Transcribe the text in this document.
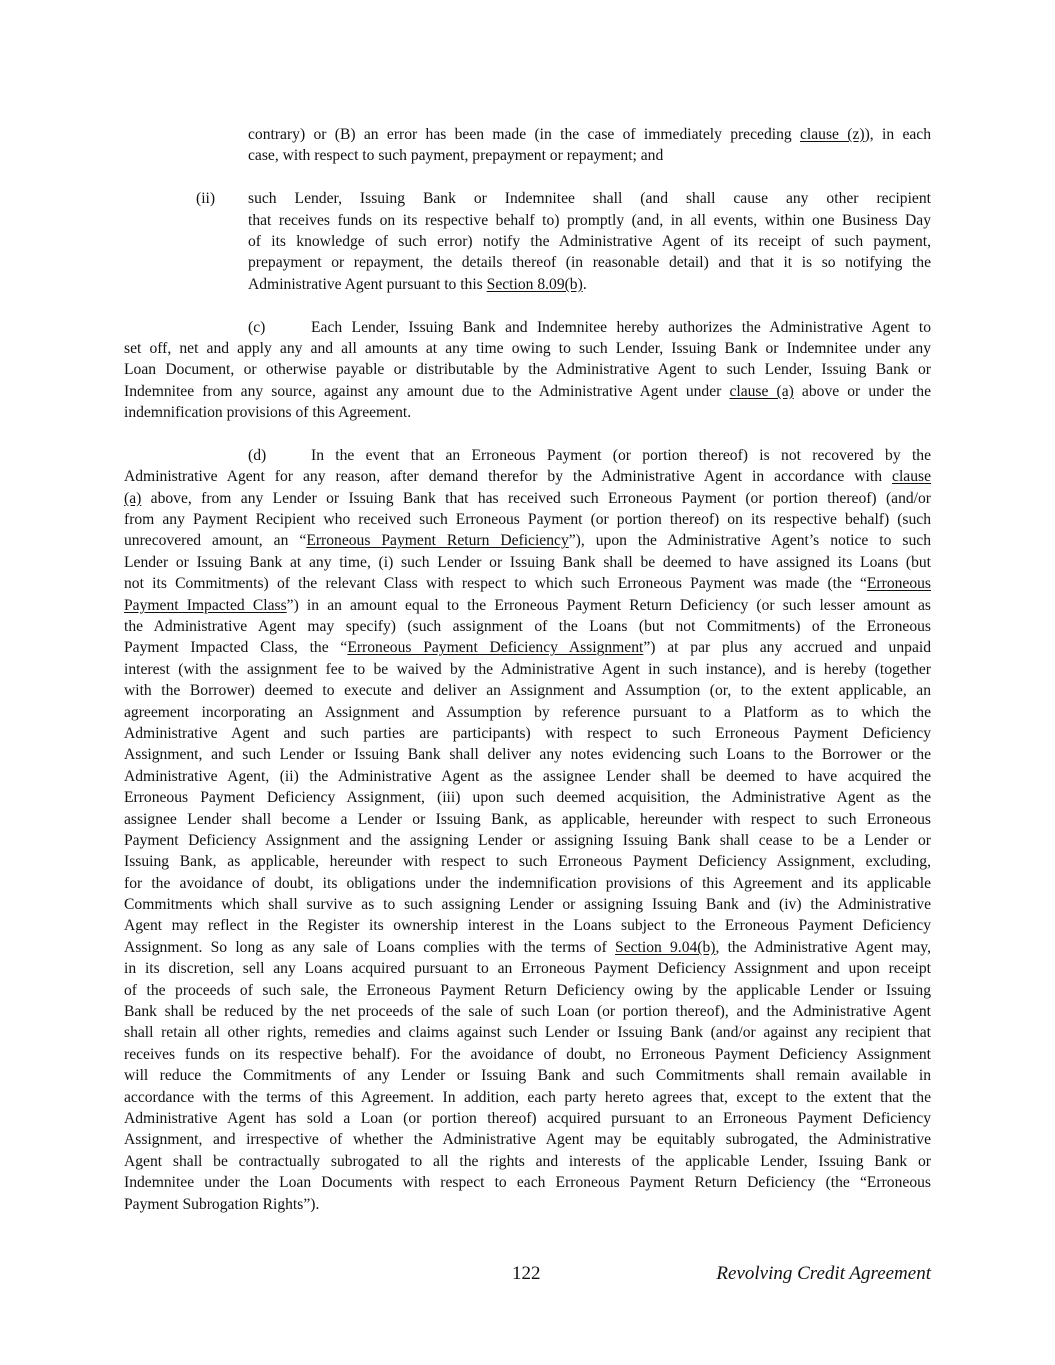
contrary) or (B) an error has been made (in the case of immediately preceding clause (z)), in each
case, with respect to such payment, prepayment or repayment; and
(ii) such Lender, Issuing Bank or Indemnitee shall (and shall cause any other recipient
that receives funds on its respective behalf to) promptly (and, in all events, within one Business Day
of its knowledge of such error) notify the Administrative Agent of its receipt of such payment,
prepayment or repayment, the details thereof (in reasonable detail) and that it is so notifying the
Administrative Agent pursuant to this Section 8.09(b).
(c)	Each Lender, Issuing Bank and Indemnitee hereby authorizes the Administrative Agent to
set off, net and apply any and all amounts at any time owing to such Lender, Issuing Bank or Indemnitee under any
Loan Document, or otherwise payable or distributable by the Administrative Agent to such Lender, Issuing Bank or
Indemnitee from any source, against any amount due to the Administrative Agent under clause (a) above or under the
indemnification provisions of this Agreement.
(d)	In the event that an Erroneous Payment (or portion thereof) is not recovered by the
Administrative Agent for any reason, after demand therefor by the Administrative Agent in accordance with clause
(a) above, from any Lender or Issuing Bank that has received such Erroneous Payment (or portion thereof) (and/or
from any Payment Recipient who received such Erroneous Payment (or portion thereof) on its respective behalf) (such
unrecovered amount, an “Erroneous Payment Return Deficiency”), upon the Administrative Agent’s notice to such
Lender or Issuing Bank at any time, (i) such Lender or Issuing Bank shall be deemed to have assigned its Loans (but
not its Commitments) of the relevant Class with respect to which such Erroneous Payment was made (the “Erroneous
Payment Impacted Class”) in an amount equal to the Erroneous Payment Return Deficiency (or such lesser amount as
the Administrative Agent may specify) (such assignment of the Loans (but not Commitments) of the Erroneous
Payment Impacted Class, the “Erroneous Payment Deficiency Assignment”) at par plus any accrued and unpaid
interest (with the assignment fee to be waived by the Administrative Agent in such instance), and is hereby (together
with the Borrower) deemed to execute and deliver an Assignment and Assumption (or, to the extent applicable, an
agreement incorporating an Assignment and Assumption by reference pursuant to a Platform as to which the
Administrative Agent and such parties are participants) with respect to such Erroneous Payment Deficiency
Assignment, and such Lender or Issuing Bank shall deliver any notes evidencing such Loans to the Borrower or the
Administrative Agent, (ii) the Administrative Agent as the assignee Lender shall be deemed to have acquired the
Erroneous Payment Deficiency Assignment, (iii) upon such deemed acquisition, the Administrative Agent as the
assignee Lender shall become a Lender or Issuing Bank, as applicable, hereunder with respect to such Erroneous
Payment Deficiency Assignment and the assigning Lender or assigning Issuing Bank shall cease to be a Lender or
Issuing Bank, as applicable, hereunder with respect to such Erroneous Payment Deficiency Assignment, excluding,
for the avoidance of doubt, its obligations under the indemnification provisions of this Agreement and its applicable
Commitments which shall survive as to such assigning Lender or assigning Issuing Bank and (iv) the Administrative
Agent may reflect in the Register its ownership interest in the Loans subject to the Erroneous Payment Deficiency
Assignment. So long as any sale of Loans complies with the terms of Section 9.04(b), the Administrative Agent may,
in its discretion, sell any Loans acquired pursuant to an Erroneous Payment Deficiency Assignment and upon receipt
of the proceeds of such sale, the Erroneous Payment Return Deficiency owing by the applicable Lender or Issuing
Bank shall be reduced by the net proceeds of the sale of such Loan (or portion thereof), and the Administrative Agent
shall retain all other rights, remedies and claims against such Lender or Issuing Bank (and/or against any recipient that
receives funds on its respective behalf). For the avoidance of doubt, no Erroneous Payment Deficiency Assignment
will reduce the Commitments of any Lender or Issuing Bank and such Commitments shall remain available in
accordance with the terms of this Agreement. In addition, each party hereto agrees that, except to the extent that the
Administrative Agent has sold a Loan (or portion thereof) acquired pursuant to an Erroneous Payment Deficiency
Assignment, and irrespective of whether the Administrative Agent may be equitably subrogated, the Administrative
Agent shall be contractually subrogated to all the rights and interests of the applicable Lender, Issuing Bank or
Indemnitee under the Loan Documents with respect to each Erroneous Payment Return Deficiency (the “Erroneous
Payment Subrogation Rights”).
122	Revolving Credit Agreement
